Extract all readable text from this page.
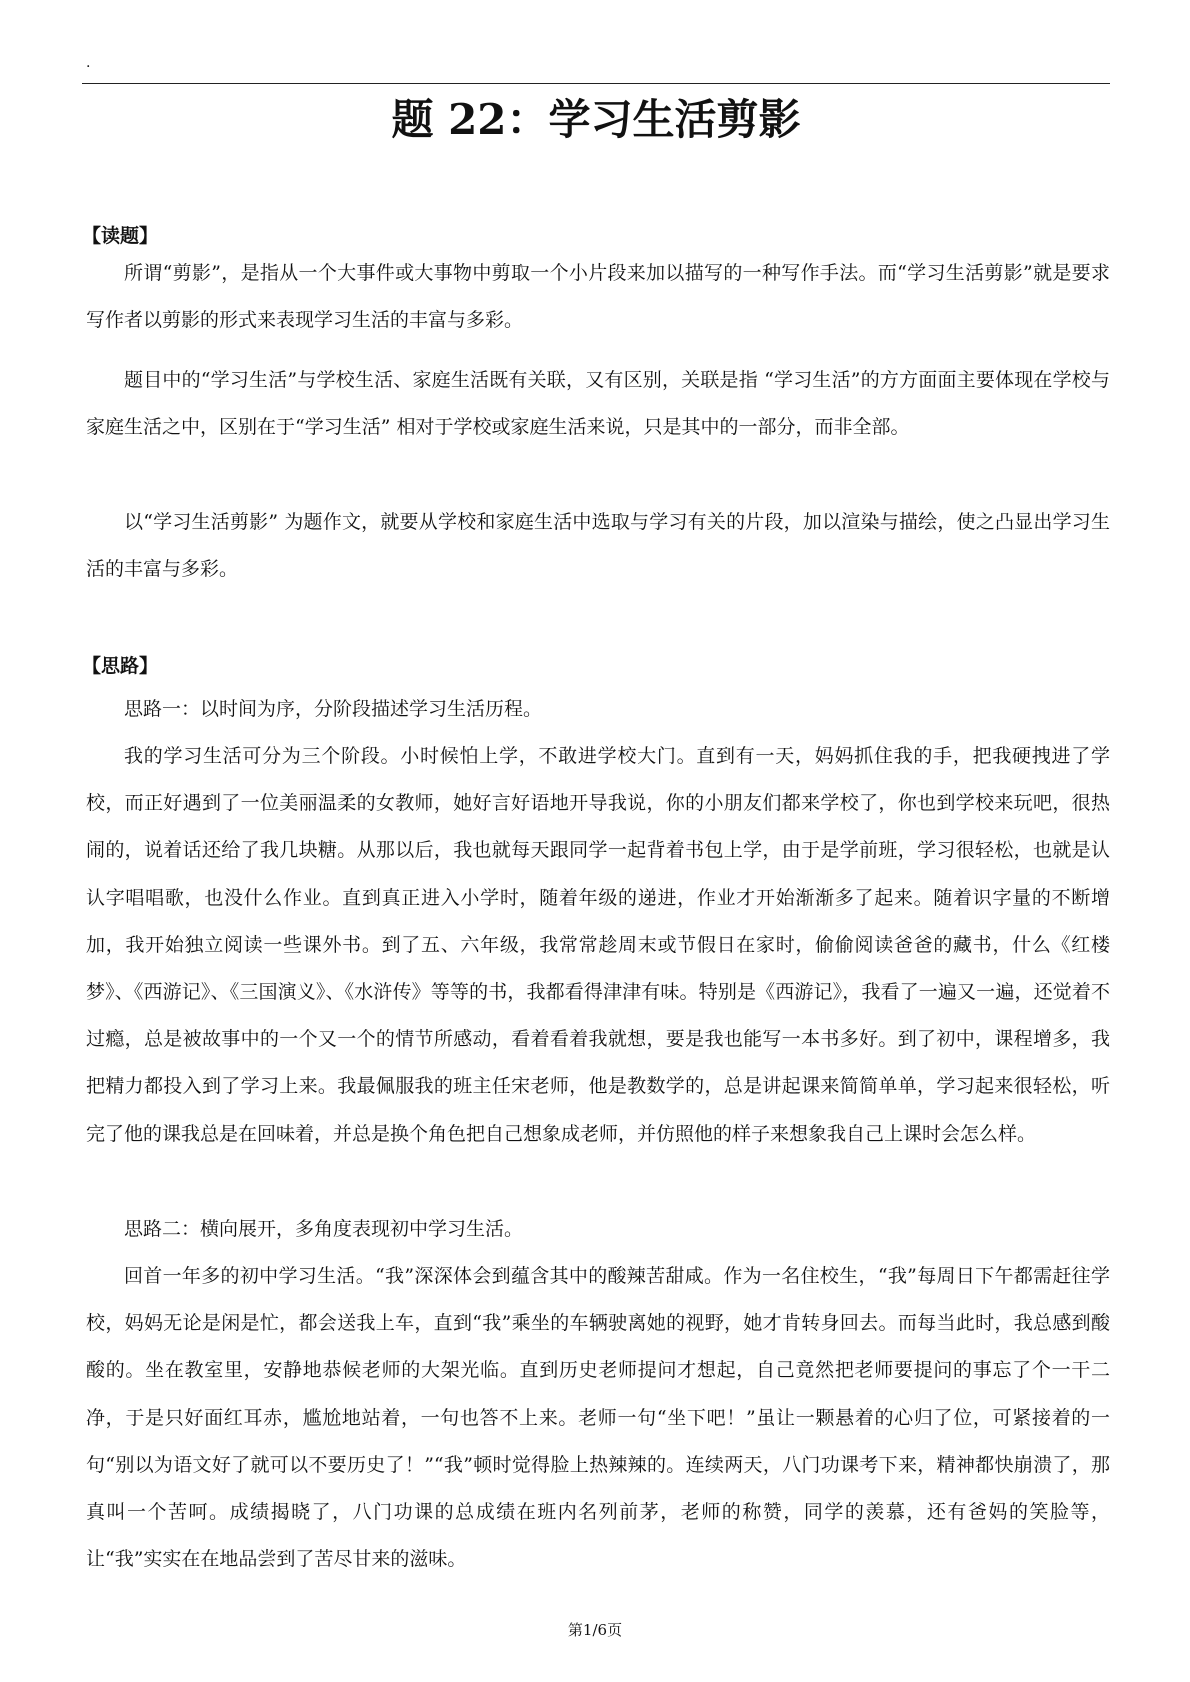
.
题 22：学习生活剪影
【读题】

所谓“剪影”，是指从一个大事件或大事物中剪取一个小片段来加以描写的一种写作手法。而“学习生活剪影”就是要求写作者以剪影的形式来表现学习生活的丰富与多彩。

题目中的“学习生活”与学校生活、家庭生活既有关联，又有区别，关联是指 “学习生活”的方方面面主要体现在学校与家庭生活之中，区别在于“学习生活” 相对于学校或家庭生活来说，只是其中的一部分，而非全部。

以“学习生活剪影” 为题作文，就要从学校和家庭生活中选取与学习有关的片段，加以渲染与描绘，使之凸显出学习生活的丰富与多彩。

【思路】

思路一：以时间为序，分阶段描述学习生活历程。

我的学习生活可分为三个阶段。小时候怕上学，不敢进学校大门。直到有一天，妈妈抓住我的手，把我硬拽进了学校，而正好遇到了一位美丽温柔的女教师，她好言好语地开导我说，你的小朋友们都来学校了，你也到学校来玩吧，很热闹的，说着话还给了我几块糖。从那以后，我也就每天跟同学一起背着书包上学，由于是学前班，学习很轻松，也就是认认字唱唱歌，也没什么作业。直到真正进入小学时，随着年级的递进，作业才开始渐渐多了起来。随着识字量的不断增加，我开始独立阅读一些课外书。到了五、六年级，我常常趁周末或节假日在家时，偷偷阅读爸爸的藏书，什么《红楼梦》、《西游记》、《三国演义》、《水浒传》等等的书，我都看得津津有味。特别是《西游记》，我看了一遍又一遍，还觉着不过瘾，总是被故事中的一个又一个的情节所感动，看着看着我就想，要是我也能写一本书多好。到了初中，课程增多，我把精力都投入到了学习上来。我最佩服我的班主任宋老师，他是教数学的，总是讲起课来简简单单，学习起来很轻松，听完了他的课我总是在回味着，并总是换个角色把自己想象成老师，并仿照他的样子来想象我自己上课时会怎么样。

思路二：横向展开，多角度表现初中学习生活。

回首一年多的初中学习生活。“我”深深体会到蕴含其中的酸辣苦甜咸。作为一名住校生，“我”每周日下午都需赶往学校，妈妈无论是闲是忙，都会送我上车，直到“我”乘坐的车辆驶离她的视野，她才肯转身回去。而每当此时，我总感到酸酸的。坐在教室里，安静地恭候老师的大架光临。直到历史老师提问才想起，自己竟然把老师要提问的事忘了个一干二净，于是只好面红耳赤，尴尬地站着，一句也答不上来。老师一句“坐下吧！”虽让一颗悬着的心归了位，可紧接着的一句“别以为语文好了就可以不要历史了！”“我”顿时觉得脸上热辣辣的。连续两天，八门功课考下来，精神都快崩溃了，那真叫一个苦呵。成绩揭晓了，八门功课的总成绩在班内名列前茅，老师的称赞，同学的羡慕，还有爸妈的笑脸等，让“我”实实在在地品尝到了苦尽甘来的滋味。

第1/6页
